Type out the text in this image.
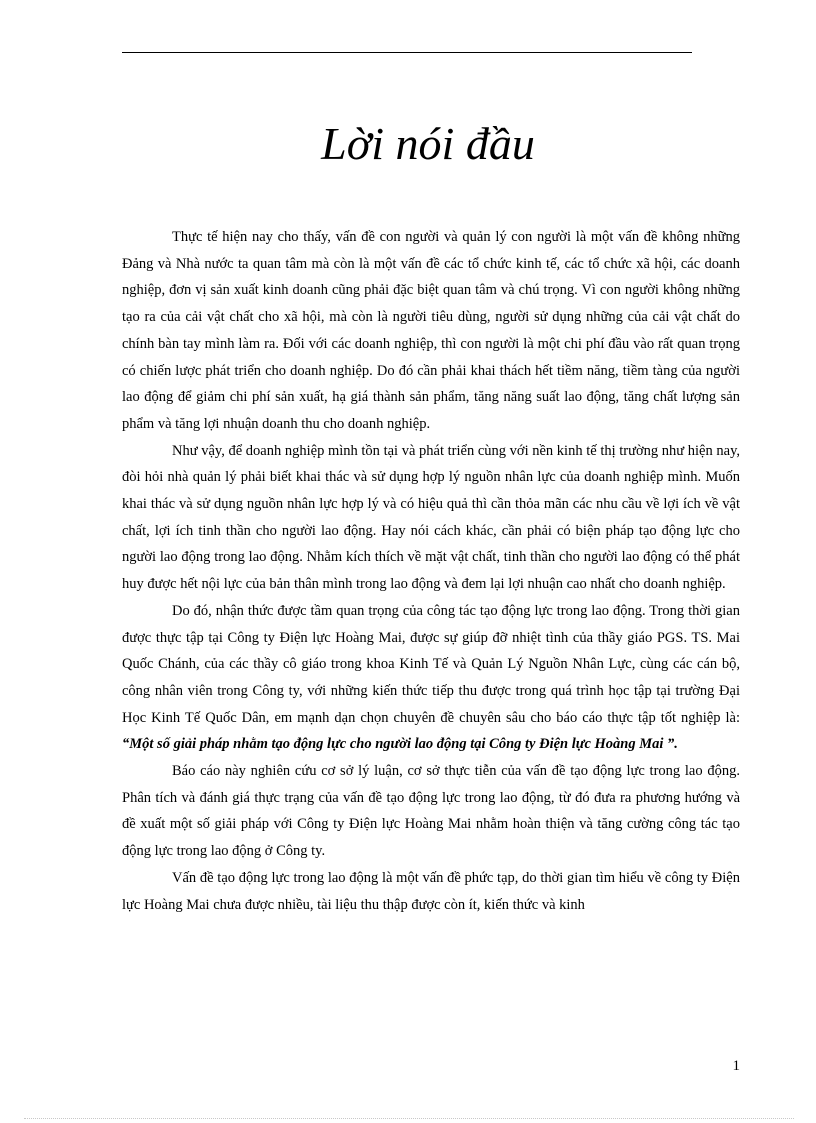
Lời nói đầu

Thực tế hiện nay cho thấy, vấn đề con người và quản lý con người là một vấn đề không những Đảng và Nhà nước ta quan tâm mà còn là một vấn đề các tổ chức kinh tế, các tổ chức xã hội, các doanh nghiệp, đơn vị sản xuất kinh doanh cũng phải đặc biệt quan tâm và chú trọng. Vì con người không những tạo ra của cải vật chất cho xã hội, mà còn là người tiêu dùng, người sử dụng những của cải vật chất do chính bàn tay mình làm ra. Đối với các doanh nghiệp, thì con người là một chi phí đầu vào rất quan trọng có chiến lược phát triển cho doanh nghiệp. Do đó cần phải khai thách hết tiềm năng, tiềm tàng của người lao động để giảm chi phí sản xuất, hạ giá thành sản phẩm, tăng năng suất lao động, tăng chất lượng sản phẩm và tăng lợi nhuận doanh thu cho doanh nghiệp.

Như vậy, để doanh nghiệp mình tồn tại và phát triển cùng với nền kinh tế thị trường như hiện nay, đòi hỏi nhà quản lý phải biết khai thác và sử dụng hợp lý nguồn nhân lực của doanh nghiệp mình. Muốn khai thác và sử dụng nguồn nhân lực hợp lý và có hiệu quả thì cần thỏa mãn các nhu cầu về lợi ích về vật chất, lợi ích tinh thần cho người lao động. Hay nói cách khác, cần phải có biện pháp tạo động lực cho người lao động trong lao động. Nhằm kích thích về mặt vật chất, tinh thần cho người lao động có thể phát huy được hết nội lực của bản thân mình trong lao động và đem lại lợi nhuận cao nhất cho doanh nghiệp.

Do đó, nhận thức được tầm quan trọng của công tác tạo động lực trong lao động. Trong thời gian được thực tập tại Công ty Điện lực Hoàng Mai, được sự giúp đỡ nhiệt tình của thầy giáo PGS. TS. Mai Quốc Chánh, của các thầy cô giáo trong khoa Kinh Tế và Quản Lý Nguồn Nhân Lực, cùng các cán bộ, công nhân viên trong Công ty, với những kiến thức tiếp thu được trong quá trình học tập tại trường Đại Học Kinh Tế Quốc Dân, em mạnh dạn chọn chuyên đề chuyên sâu cho báo cáo thực tập tốt nghiệp là: “Một số giải pháp nhằm tạo động lực cho người lao động tại Công ty Điện lực Hoàng Mai ”.

Báo cáo này nghiên cứu cơ sở lý luận, cơ sở thực tiễn của vấn đề tạo động lực trong lao động. Phân tích và đánh giá thực trạng của vấn đề tạo động lực trong lao động, từ đó đưa ra phương hướng và đề xuất một số giải pháp với Công ty Điện lực Hoàng Mai nhằm hoàn thiện và tăng cường công tác tạo động lực trong lao động ở Công ty.

Vấn đề tạo động lực trong lao động là một vấn đề phức tạp, do thời gian tìm hiểu về công ty Điện lực Hoàng Mai chưa được nhiều, tài liệu thu thập được còn ít, kiến thức và kinh

1
